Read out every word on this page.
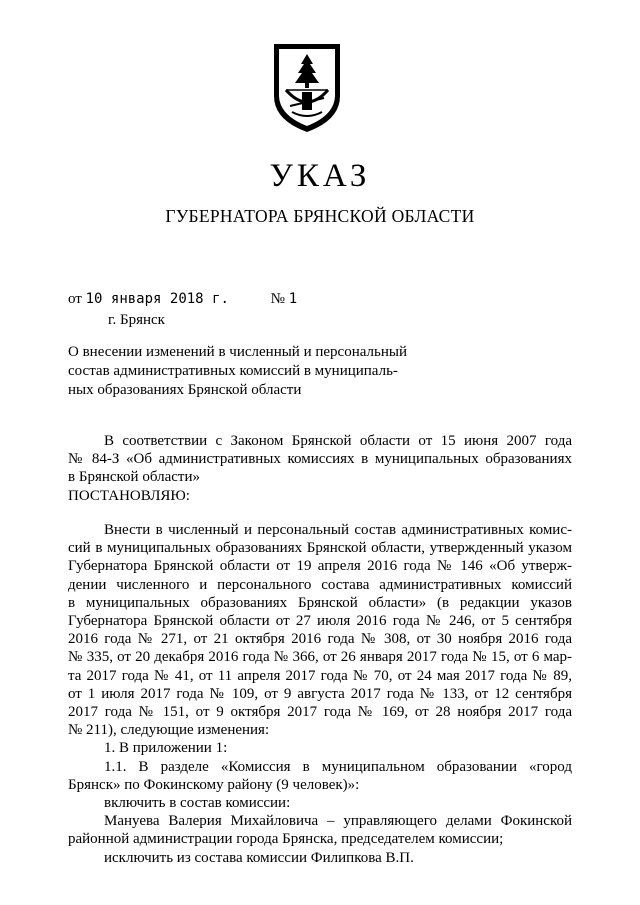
УКАЗ
ГУБЕРНАТОРА БРЯНСКОЙ ОБЛАСТИ
от 10 января 2018 г.	№ 1
г. Брянск
О внесении изменений в численный и персональный
состав административных комиссий в муниципаль-
ных образованиях Брянской области
В соответствии с Законом Брянской области от 15 июня 2007 года
№ 84-З «Об административных комиссиях в муниципальных образованиях
в Брянской области»
ПОСТАНОВЛЯЮ:
Внести в численный и персональный состав административных комис-
сий в муниципальных образованиях Брянской области, утвержденный указом
Губернатора Брянской области от 19 апреля 2016 года № 146 «Об утверж-
дении численного и персонального состава административных комиссий
в муниципальных образованиях Брянской области» (в редакции указов
Губернатора Брянской области от 27 июля 2016 года № 246, от 5 сентября
2016 года № 271, от 21 октября 2016 года № 308, от 30 ноября 2016 года
№ 335, от 20 декабря 2016 года № 366, от 26 января 2017 года № 15, от 6 мар-
та 2017 года № 41, от 11 апреля 2017 года № 70, от 24 мая 2017 года № 89,
от 1 июля 2017 года № 109, от 9 августа 2017 года № 133, от 12 сентября
2017 года № 151, от 9 октября 2017 года № 169, от 28 ноября 2017 года
№ 211), следующие изменения:
1. В приложении 1:
1.1. В разделе «Комиссия в муниципальном образовании «город
Брянск» по Фокинскому району (9 человек)»:
включить в состав комиссии:
Мануева Валерия Михайловича – управляющего делами Фокинской
районной администрации города Брянска, председателем комиссии;
исключить из состава комиссии Филипкова В.П.
